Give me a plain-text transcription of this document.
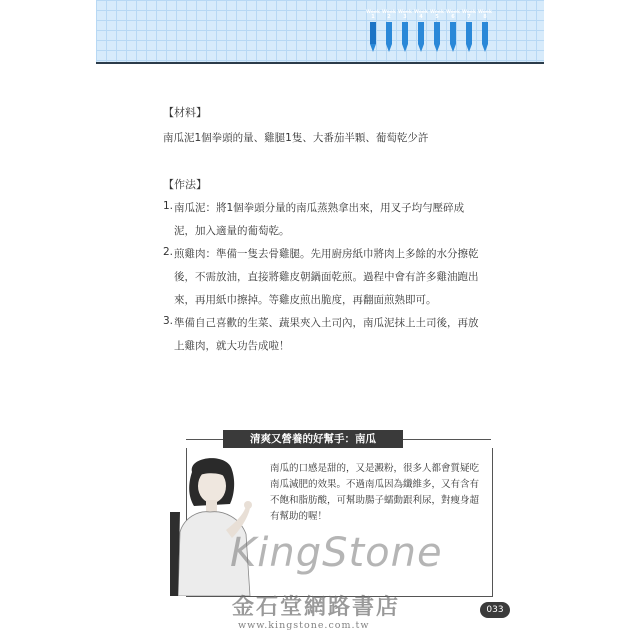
Week
1
Week
2
Week
3
Week
4
Week
5
Week
6
Week
7
Week
8
【材料】
南瓜泥1個拳頭的量、雞腿1隻、大番茄半顆、葡萄乾少許
【作法】
1. 南瓜泥：將1個拳頭分量的南瓜蒸熟拿出來，用叉子均勻壓碎成
泥，加入適量的葡萄乾。
2. 煎雞肉：準備一隻去骨雞腿。先用廚房紙巾將肉上多餘的水分擦乾
後，不需放油，直接將雞皮朝鍋面乾煎。過程中會有許多雞油跑出
來，再用紙巾擦掉。等雞皮煎出脆度，再翻面煎熟即可。
3. 準備自己喜歡的生菜、蔬果夾入土司內，南瓜泥抹上土司後，再放
上雞肉，就大功告成啦！
清爽又營養的好幫手：南瓜
南瓜的口感是甜的，又是澱粉，很多人都會質疑吃
南瓜減肥的效果。不過南瓜因為纖維多，又有含有
不飽和脂肪酸，可幫助腸子蠕動跟利尿，對瘦身超
有幫助的喔！
KingStone
金石堂網路書店
www.kingstone.com.tw
033
